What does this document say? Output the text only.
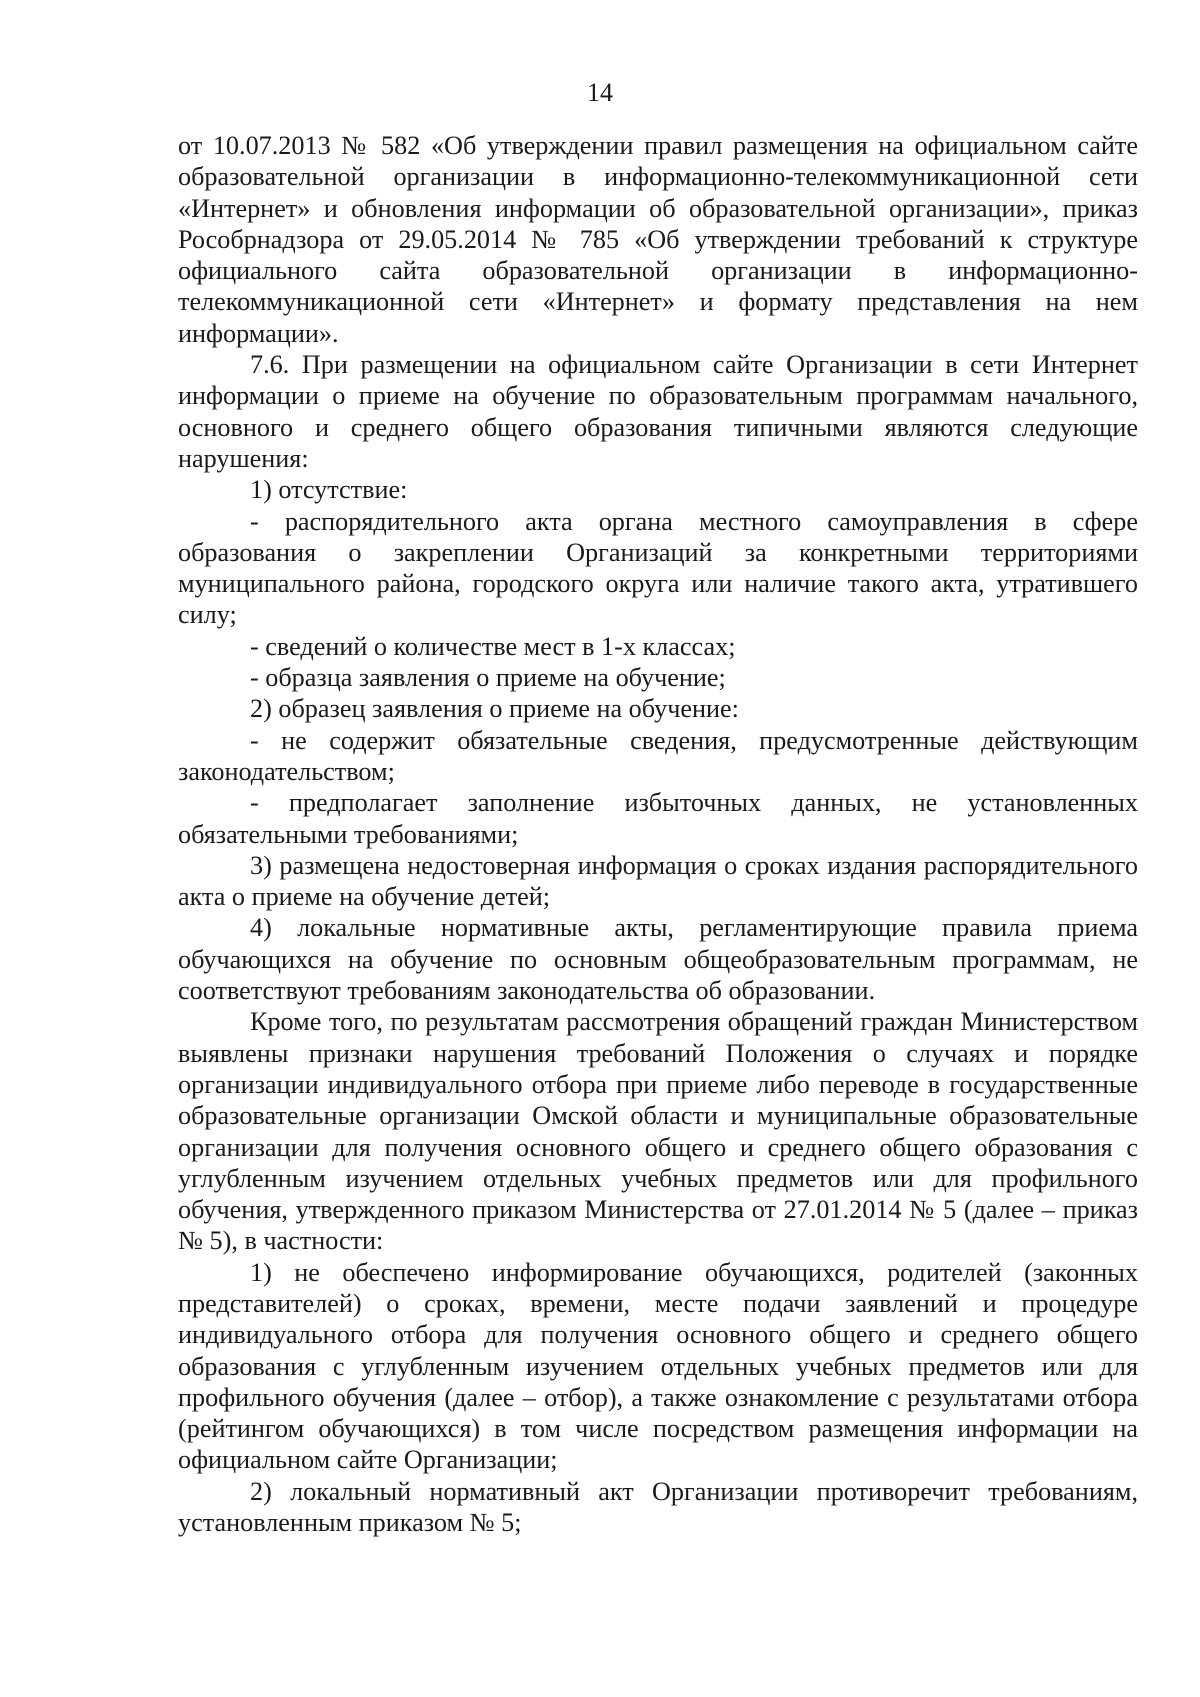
14

от 10.07.2013 № 582 «Об утверждении правил размещения на официальном сайте образовательной организации в информационно-телекоммуникационной сети «Интернет» и обновления информации об образовательной организации», приказ Рособрнадзора от 29.05.2014 № 785 «Об утверждении требований к структуре официального сайта образовательной организации в информационно-телекоммуникационной сети «Интернет» и формату представления на нем информации».

7.6. При размещении на официальном сайте Организации в сети Интернет информации о приеме на обучение по образовательным программам начального, основного и среднего общего образования типичными являются следующие нарушения:

1) отсутствие:

- распорядительного акта органа местного самоуправления в сфере образования о закреплении Организаций за конкретными территориями муниципального района, городского округа или наличие такого акта, утратившего силу;

- сведений о количестве мест в 1-х классах;

- образца заявления о приеме на обучение;

2) образец заявления о приеме на обучение:

- не содержит обязательные сведения, предусмотренные действующим законодательством;

- предполагает заполнение избыточных данных, не установленных обязательными требованиями;

3) размещена недостоверная информация о сроках издания распорядительного акта о приеме на обучение детей;

4) локальные нормативные акты, регламентирующие правила приема обучающихся на обучение по основным общеобразовательным программам, не соответствуют требованиям законодательства об образовании.

Кроме того, по результатам рассмотрения обращений граждан Министерством выявлены признаки нарушения требований Положения о случаях и порядке организации индивидуального отбора при приеме либо переводе в государственные образовательные организации Омской области и муниципальные образовательные организации для получения основного общего и среднего общего образования с углубленным изучением отдельных учебных предметов или для профильного обучения, утвержденного приказом Министерства от 27.01.2014 № 5 (далее – приказ № 5), в частности:

1) не обеспечено информирование обучающихся, родителей (законных представителей) о сроках, времени, месте подачи заявлений и процедуре индивидуального отбора для получения основного общего и среднего общего образования с углубленным изучением отдельных учебных предметов или для профильного обучения (далее – отбор), а также ознакомление с результатами отбора (рейтингом обучающихся) в том числе посредством размещения информации на официальном сайте Организации;

2) локальный нормативный акт Организации противоречит требованиям, установленным приказом № 5;
